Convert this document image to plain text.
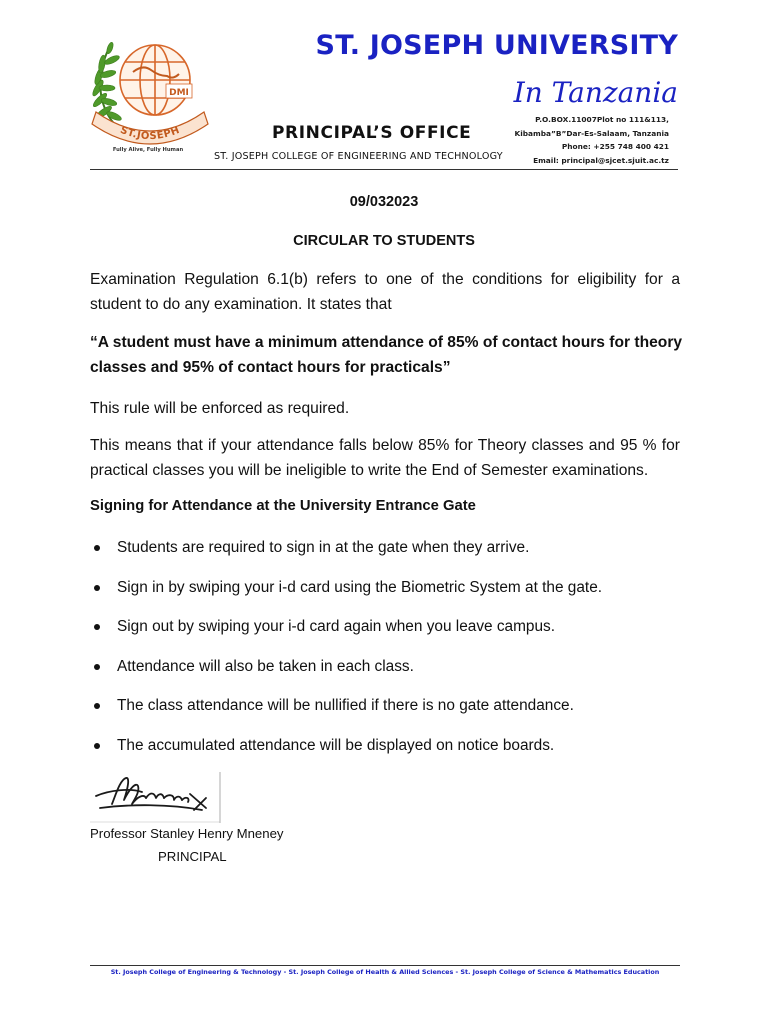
DMI
ST.JOSEPH
Fully Alive, Fully Human
ST. JOSEPH UNIVERSITY
In Tanzania
PRINCIPAL’S OFFICE
ST. JOSEPH COLLEGE OF ENGINEERING AND TECHNOLOGY
P.O.BOX.11007Plot no 111&113,
Kibamba”B”Dar-Es-Salaam, Tanzania
Phone: +255 748 400 421
Email: principal@sjcet.sjuit.ac.tz
09/032023
CIRCULAR TO STUDENTS
Examination Regulation 6.1(b) refers to one of the conditions for eligibility for a student to do any examination. It states that
“A student must have a minimum attendance of 85% of contact hours for theory classes and 95% of contact hours for practicals”
This rule will be enforced as required.
This means that if your attendance falls below 85% for Theory classes and 95 % for practical classes you will be ineligible to write the End of Semester examinations.
Signing for Attendance at the University Entrance Gate
Students are required to sign in at the gate when they arrive.
Sign in by swiping your i-d card using the Biometric System at the gate.
Sign out by swiping your i-d card again when you leave campus.
Attendance will also be taken in each class.
The class attendance will be nullified if there is no gate attendance.
The accumulated attendance will be displayed on notice boards.
Professor Stanley Henry Mneney
PRINCIPAL
St. Joseph College of Engineering & Technology - St. Joseph College of Health & Allied Sciences - St. Joseph College of Science & Mathematics Education
